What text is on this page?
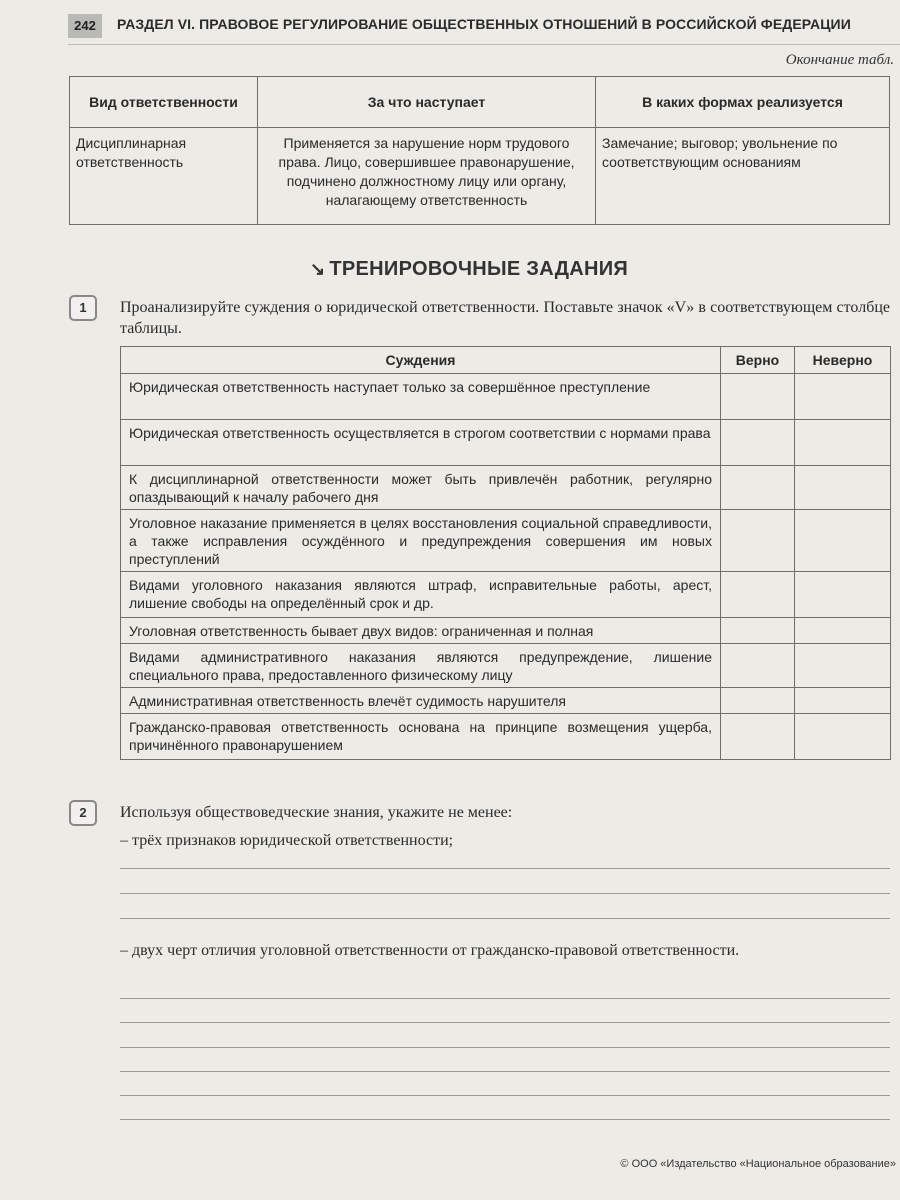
242	РАЗДЕЛ VI. ПРАВОВОЕ РЕГУЛИРОВАНИЕ ОБЩЕСТВЕННЫХ ОТНОШЕНИЙ В РОССИЙСКОЙ ФЕДЕРАЦИИ
Окончание табл.
Вид ответственности	За что наступает	В каких формах реализуется
Дисциплинарная ответственность	Применяется за нарушение норм трудового права. Лицо, совершившее правонарушение, подчинено должностному лицу или органу, налагающему ответственность	Замечание; выговор; увольнение по соответствующим основаниям
↘ ТРЕНИРОВОЧНЫЕ ЗАДАНИЯ
1	Проанализируйте суждения о юридической ответственности. Поставьте значок «V» в соответствующем столбце таблицы.
Суждения	Верно	Неверно
Юридическая ответственность наступает только за совершённое преступление		
Юридическая ответственность осуществляется в строгом соответствии с нормами права		
К дисциплинарной ответственности может быть привлечён работник, регулярно опаздывающий к началу рабочего дня		
Уголовное наказание применяется в целях восстановления социальной справедливости, а также исправления осуждённого и предупреждения совершения им новых преступлений		
Видами уголовного наказания являются штраф, исправительные работы, арест, лишение свободы на определённый срок и др.		
Уголовная ответственность бывает двух видов: ограниченная и полная		
Видами административного наказания являются предупреждение, лишение специального права, предоставленного физическому лицу		
Административная ответственность влечёт судимость нарушителя		
Гражданско-правовая ответственность основана на принципе возмещения ущерба, причинённого правонарушением		
2	Используя обществоведческие знания, укажите не менее:
– трёх признаков юридической ответственности;
– двух черт отличия уголовной ответственности от гражданско-правовой ответственности.
© ООО «Издательство «Национальное образование»
